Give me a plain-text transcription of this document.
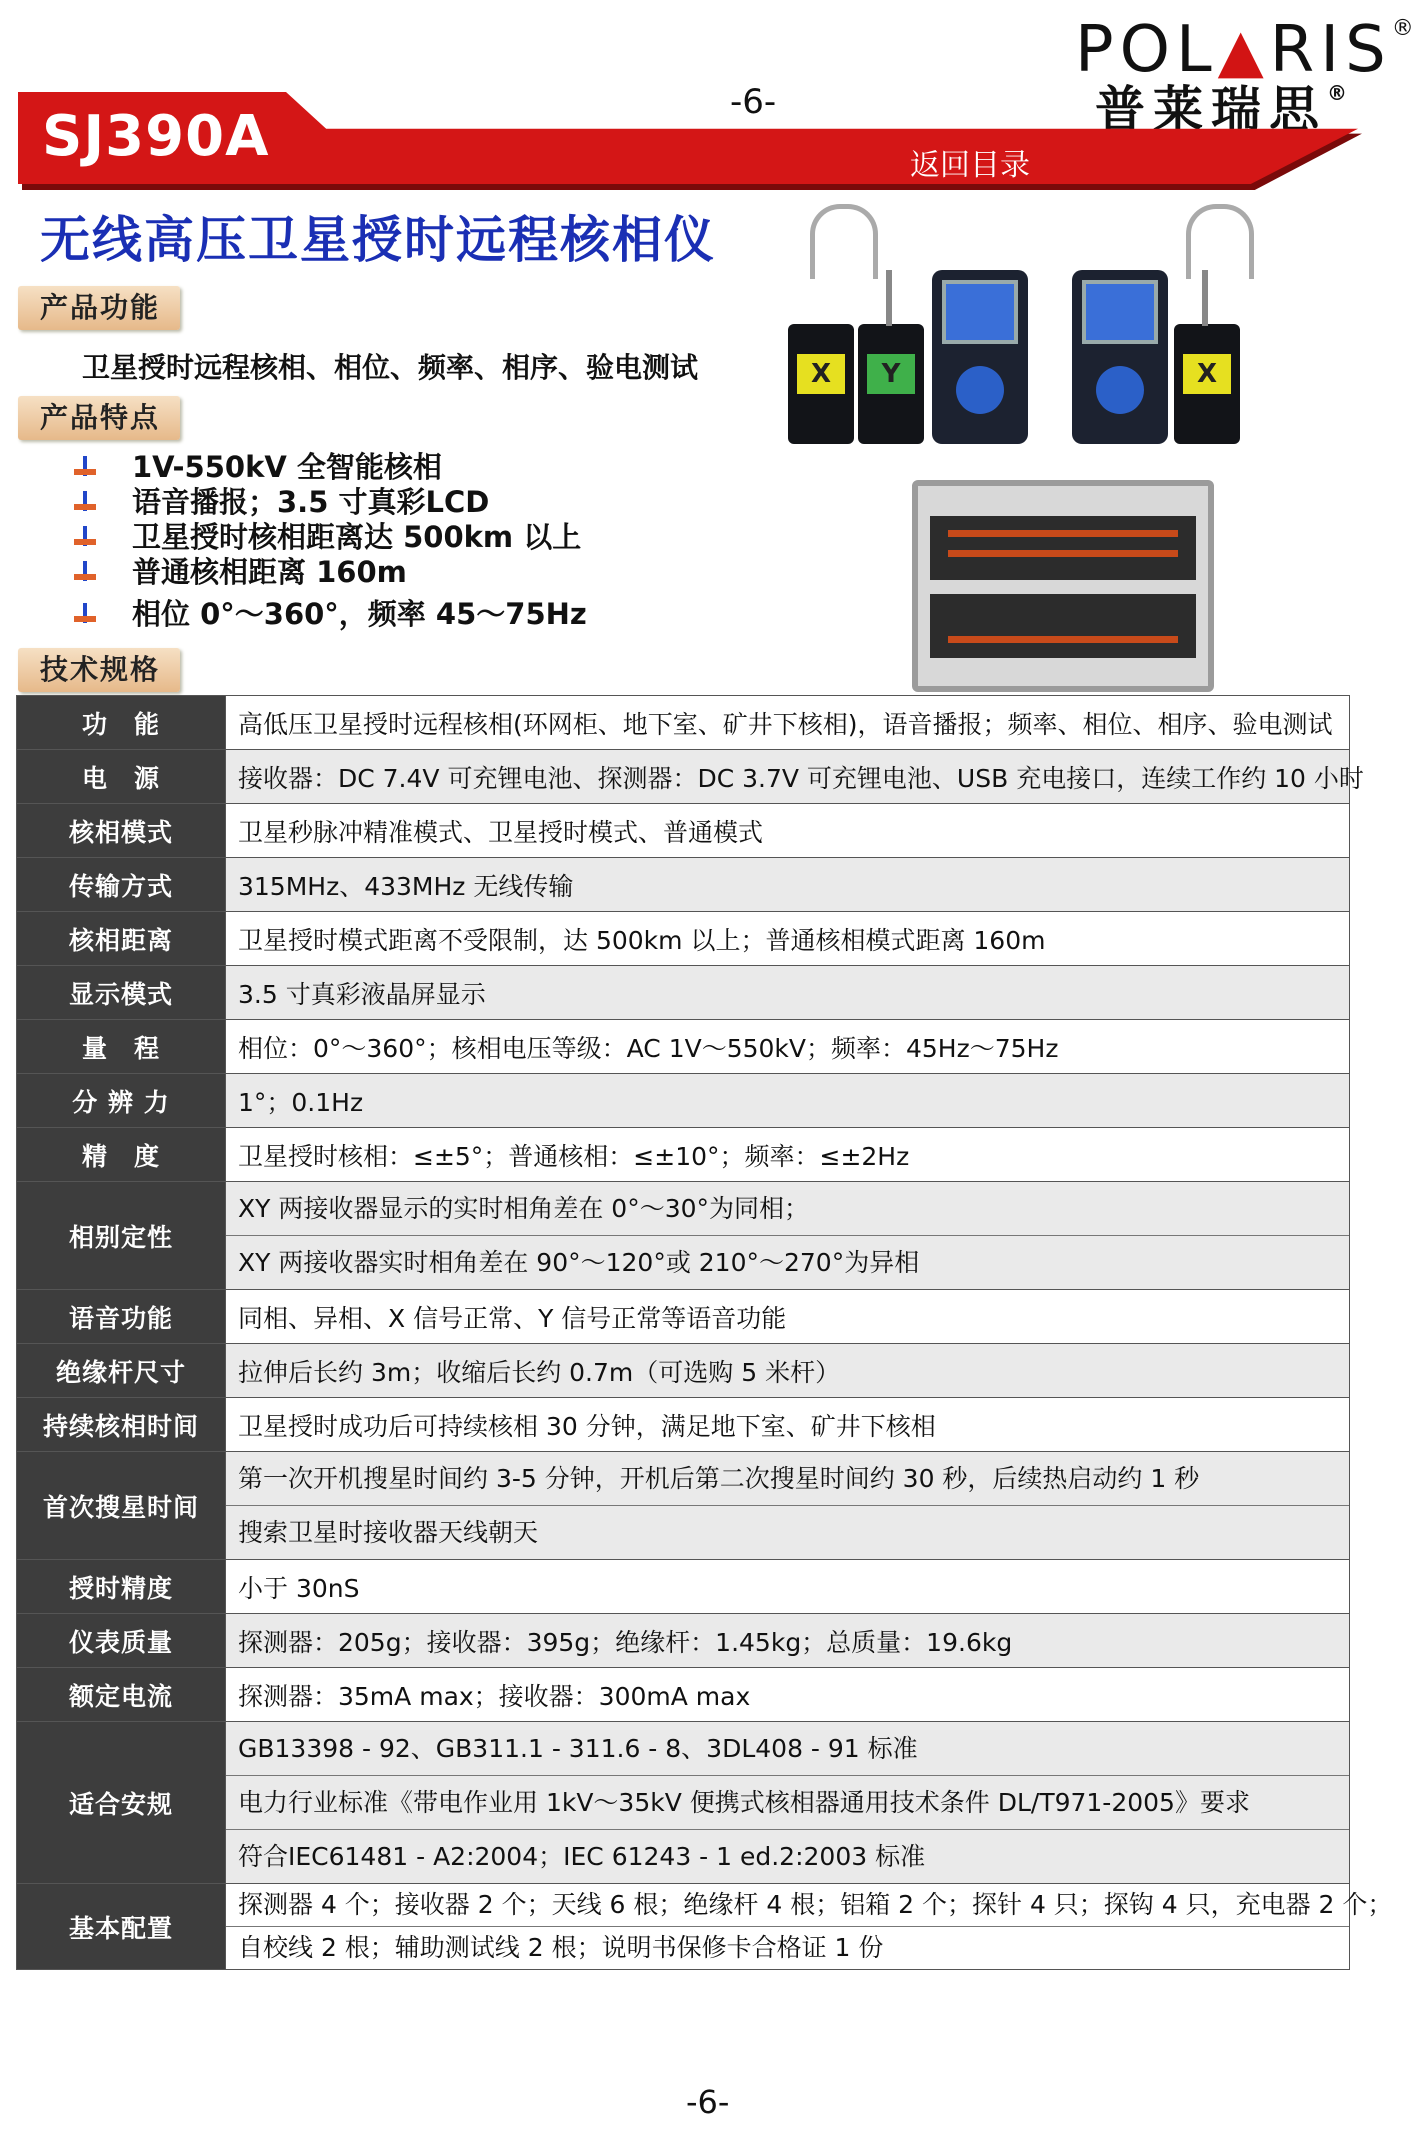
POL▲RIS®
普莱瑞思®
-6-
SJ390A	返回目录
无线高压卫星授时远程核相仪
产品功能
卫星授时远程核相、相位、频率、相序、验电测试
产品特点
1V-550kV 全智能核相
语音播报；3.5 寸真彩LCD
卫星授时核相距离达 500km 以上
普通核相距离 160m
相位 0°～360°，频率 45～75Hz
X	Y	X
技术规格
功　能	高低压卫星授时远程核相(环网柜、地下室、矿井下核相)，语音播报；频率、相位、相序、验电测试
电　源	接收器：DC 7.4V 可充锂电池、探测器：DC 3.7V 可充锂电池、USB 充电接口，连续工作约 10 小时
核相模式	卫星秒脉冲精准模式、卫星授时模式、普通模式
传输方式	315MHz、433MHz 无线传输
核相距离	卫星授时模式距离不受限制，达 500km 以上；普通核相模式距离 160m
显示模式	3.5 寸真彩液晶屏显示
量　程	相位：0°～360°；核相电压等级：AC 1V～550kV；频率：45Hz～75Hz
分 辨 力	1°；0.1Hz
精　度	卫星授时核相：≤±5°；普通核相：≤±10°；频率：≤±2Hz
相别定性	XY 两接收器显示的实时相角差在 0°～30°为同相；
XY 两接收器实时相角差在 90°～120°或 210°～270°为异相

语音功能	同相、异相、X 信号正常、Y 信号正常等语音功能
绝缘杆尺寸	拉伸后长约 3m；收缩后长约 0.7m（可选购 5 米杆）
持续核相时间	卫星授时成功后可持续核相 30 分钟，满足地下室、矿井下核相
首次搜星时间	第一次开机搜星时间约 3-5 分钟，开机后第二次搜星时间约 30 秒，后续热启动约 1 秒
搜索卫星时接收器天线朝天

授时精度	小于 30nS
仪表质量	探测器：205g；接收器：395g；绝缘杆：1.45kg；总质量：19.6kg
额定电流	探测器：35mA max；接收器：300mA max
适合安规	GB13398 - 92、GB311.1 - 311.6 - 8、3DL408 - 91 标准
电力行业标准《带电作业用 1kV～35kV 便携式核相器通用技术条件 DL/T971-2005》要求
符合IEC61481 - A2:2004；IEC 61243 - 1 ed.2:2003 标准

基本配置	探测器 4 个；接收器 2 个；天线 6 根；绝缘杆 4 根；铝箱 2 个；探针 4 只；探钩 4 只，充电器 2 个；
自校线 2 根；辅助测试线 2 根；说明书保修卡合格证 1 份
-6-
